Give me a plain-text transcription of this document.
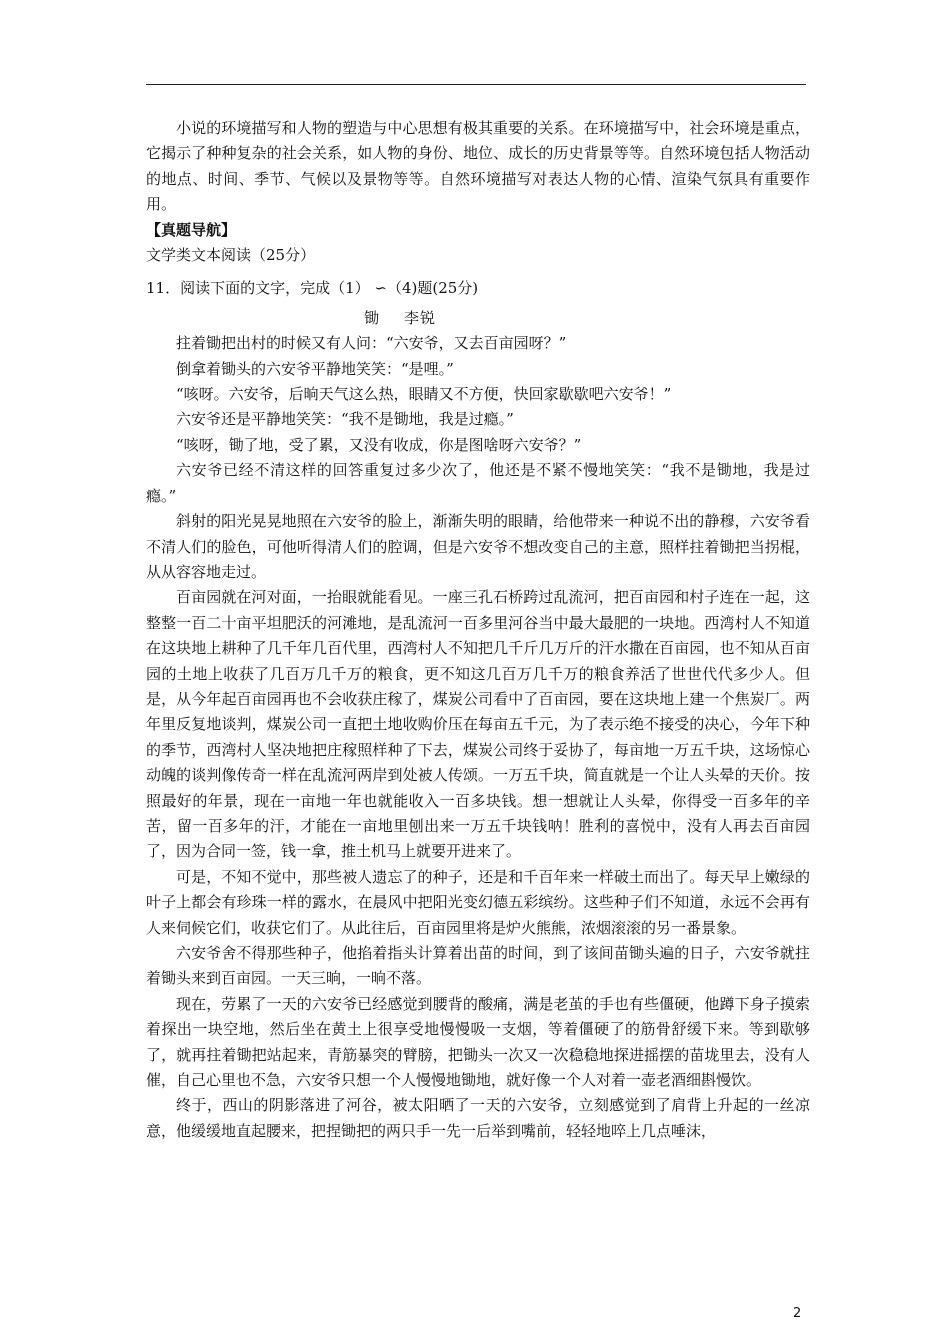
小说的环境描写和人物的塑造与中心思想有极其重要的关系。在环境描写中，社会环境是重点，它揭示了种种复杂的社会关系，如人物的身份、地位、成长的历史背景等等。自然环境包括人物活动的地点、时间、季节、气候以及景物等等。自然环境描写对表达人物的心情、渲染气氛具有重要作用。

【真题导航】
文学类文本阅读（25分）
11．阅读下面的文字，完成（1） ∽（4)题(25分)
锄 李锐

拄着锄把出村的时候又有人问：“六安爷，又去百亩园呀？”

倒拿着锄头的六安爷平静地笑笑：“是哩。”

“咳呀。六安爷，后晌天气这么热，眼睛又不方便，快回家歇歇吧六安爷！”

六安爷还是平静地笑笑：“我不是锄地，我是过瘾。”

“咳呀，锄了地，受了累，又没有收成，你是图啥呀六安爷？”

六安爷已经不清这样的回答重复过多少次了，他还是不紧不慢地笑笑：“我不是锄地，我是过瘾。”

斜射的阳光晃晃地照在六安爷的脸上，渐渐失明的眼睛，给他带来一种说不出的静穆，六安爷看不清人们的脸色，可他听得清人们的腔调，但是六安爷不想改变自己的主意，照样拄着锄把当拐棍，从从容容地走过。

百亩园就在河对面，一抬眼就能看见。一座三孔石桥跨过乱流河，把百亩园和村子连在一起，这整整一百二十亩平坦肥沃的河滩地，是乱流河一百多里河谷当中最大最肥的一块地。西湾村人不知道在这块地上耕种了几千年几百代里，西湾村人不知把几千斤几万斤的汗水撒在百亩园，也不知从百亩园的土地上收获了几百万几千万的粮食，更不知这几百万几千万的粮食养活了世世代代多少人。但是，从今年起百亩园再也不会收获庄稼了，煤炭公司看中了百亩园，要在这块地上建一个焦炭厂。两年里反复地谈判，煤炭公司一直把土地收购价压在每亩五千元，为了表示绝不接受的决心，今年下种的季节，西湾村人坚决地把庄稼照样种了下去，煤炭公司终于妥协了，每亩地一万五千块，这场惊心动魄的谈判像传奇一样在乱流河两岸到处被人传颂。一万五千块，简直就是一个让人头晕的天价。按照最好的年景，现在一亩地一年也就能收入一百多块钱。想一想就让人头晕，你得受一百多年的辛苦，留一百多年的汗，才能在一亩地里刨出来一万五千块钱呐！胜利的喜悦中，没有人再去百亩园了，因为合同一签，钱一拿，推土机马上就要开进来了。

可是，不知不觉中，那些被人遗忘了的种子，还是和千百年来一样破土而出了。每天早上嫩绿的叶子上都会有珍珠一样的露水，在晨风中把阳光变幻德五彩缤纷。这些种子们不知道，永远不会再有人来伺候它们，收获它们了。从此往后，百亩园里将是炉火熊熊，浓烟滚滚的另一番景象。

六安爷舍不得那些种子，他掐着指头计算着出苗的时间，到了该间苗锄头遍的日子，六安爷就拄着锄头来到百亩园。一天三晌，一晌不落。

现在，劳累了一天的六安爷已经感觉到腰背的酸痛，满是老茧的手也有些僵硬，他蹲下身子摸索着探出一块空地，然后坐在黄土上很享受地慢慢吸一支烟，等着僵硬了的筋骨舒缓下来。等到歇够了，就再拄着锄把站起来，青筋暴突的臂膀，把锄头一次又一次稳稳地探进摇摆的苗垅里去，没有人催，自己心里也不急，六安爷只想一个人慢慢地锄地，就好像一个人对着一壶老酒细斟慢饮。

终于，西山的阴影落进了河谷，被太阳晒了一天的六安爷，立刻感觉到了肩背上升起的一丝凉意，他缓缓地直起腰来，把捏锄把的两只手一先一后举到嘴前，轻轻地啐上几点唾沫，

2
